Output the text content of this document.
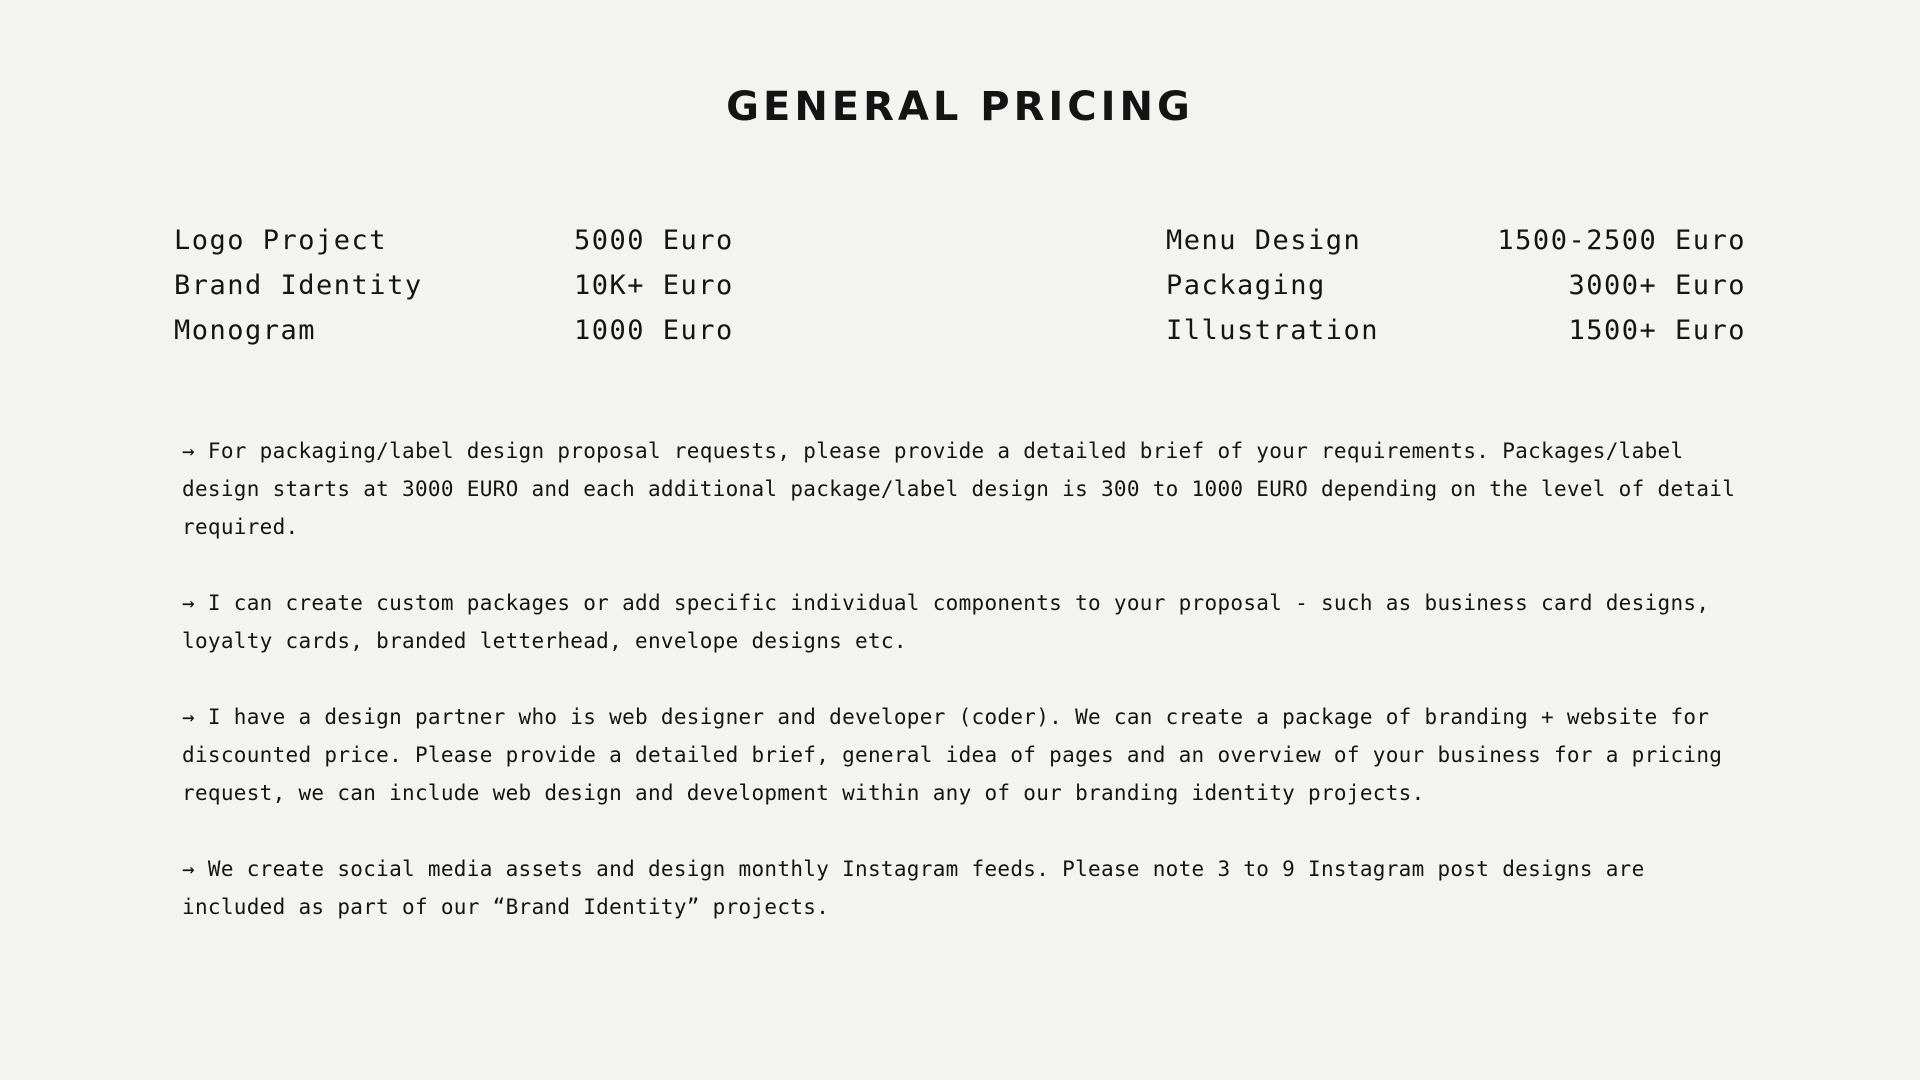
GENERAL PRICING
Logo Project	5000 Euro
Brand Identity	10K+ Euro
Monogram	1000 Euro
Menu Design	1500-2500 Euro
Packaging	3000+ Euro
Illustration	1500+ Euro

→ For packaging/label design proposal requests, please provide a detailed brief of your requirements. Packages/label design starts at 3000 EURO and each additional package/label design is 300 to 1000 EURO depending on the level of detail required.

→ I can create custom packages or add specific individual components to your proposal - such as business card designs, loyalty cards, branded letterhead, envelope designs etc.

→ I have a design partner who is web designer and developer (coder). We can create a package of branding + website for discounted price. Please provide a detailed brief, general idea of pages and an overview of your business for a pricing request, we can include web design and development within any of our branding identity projects.

→ We create social media assets and design monthly Instagram feeds. Please note 3 to 9 Instagram post designs are included as part of our “Brand Identity” projects.
